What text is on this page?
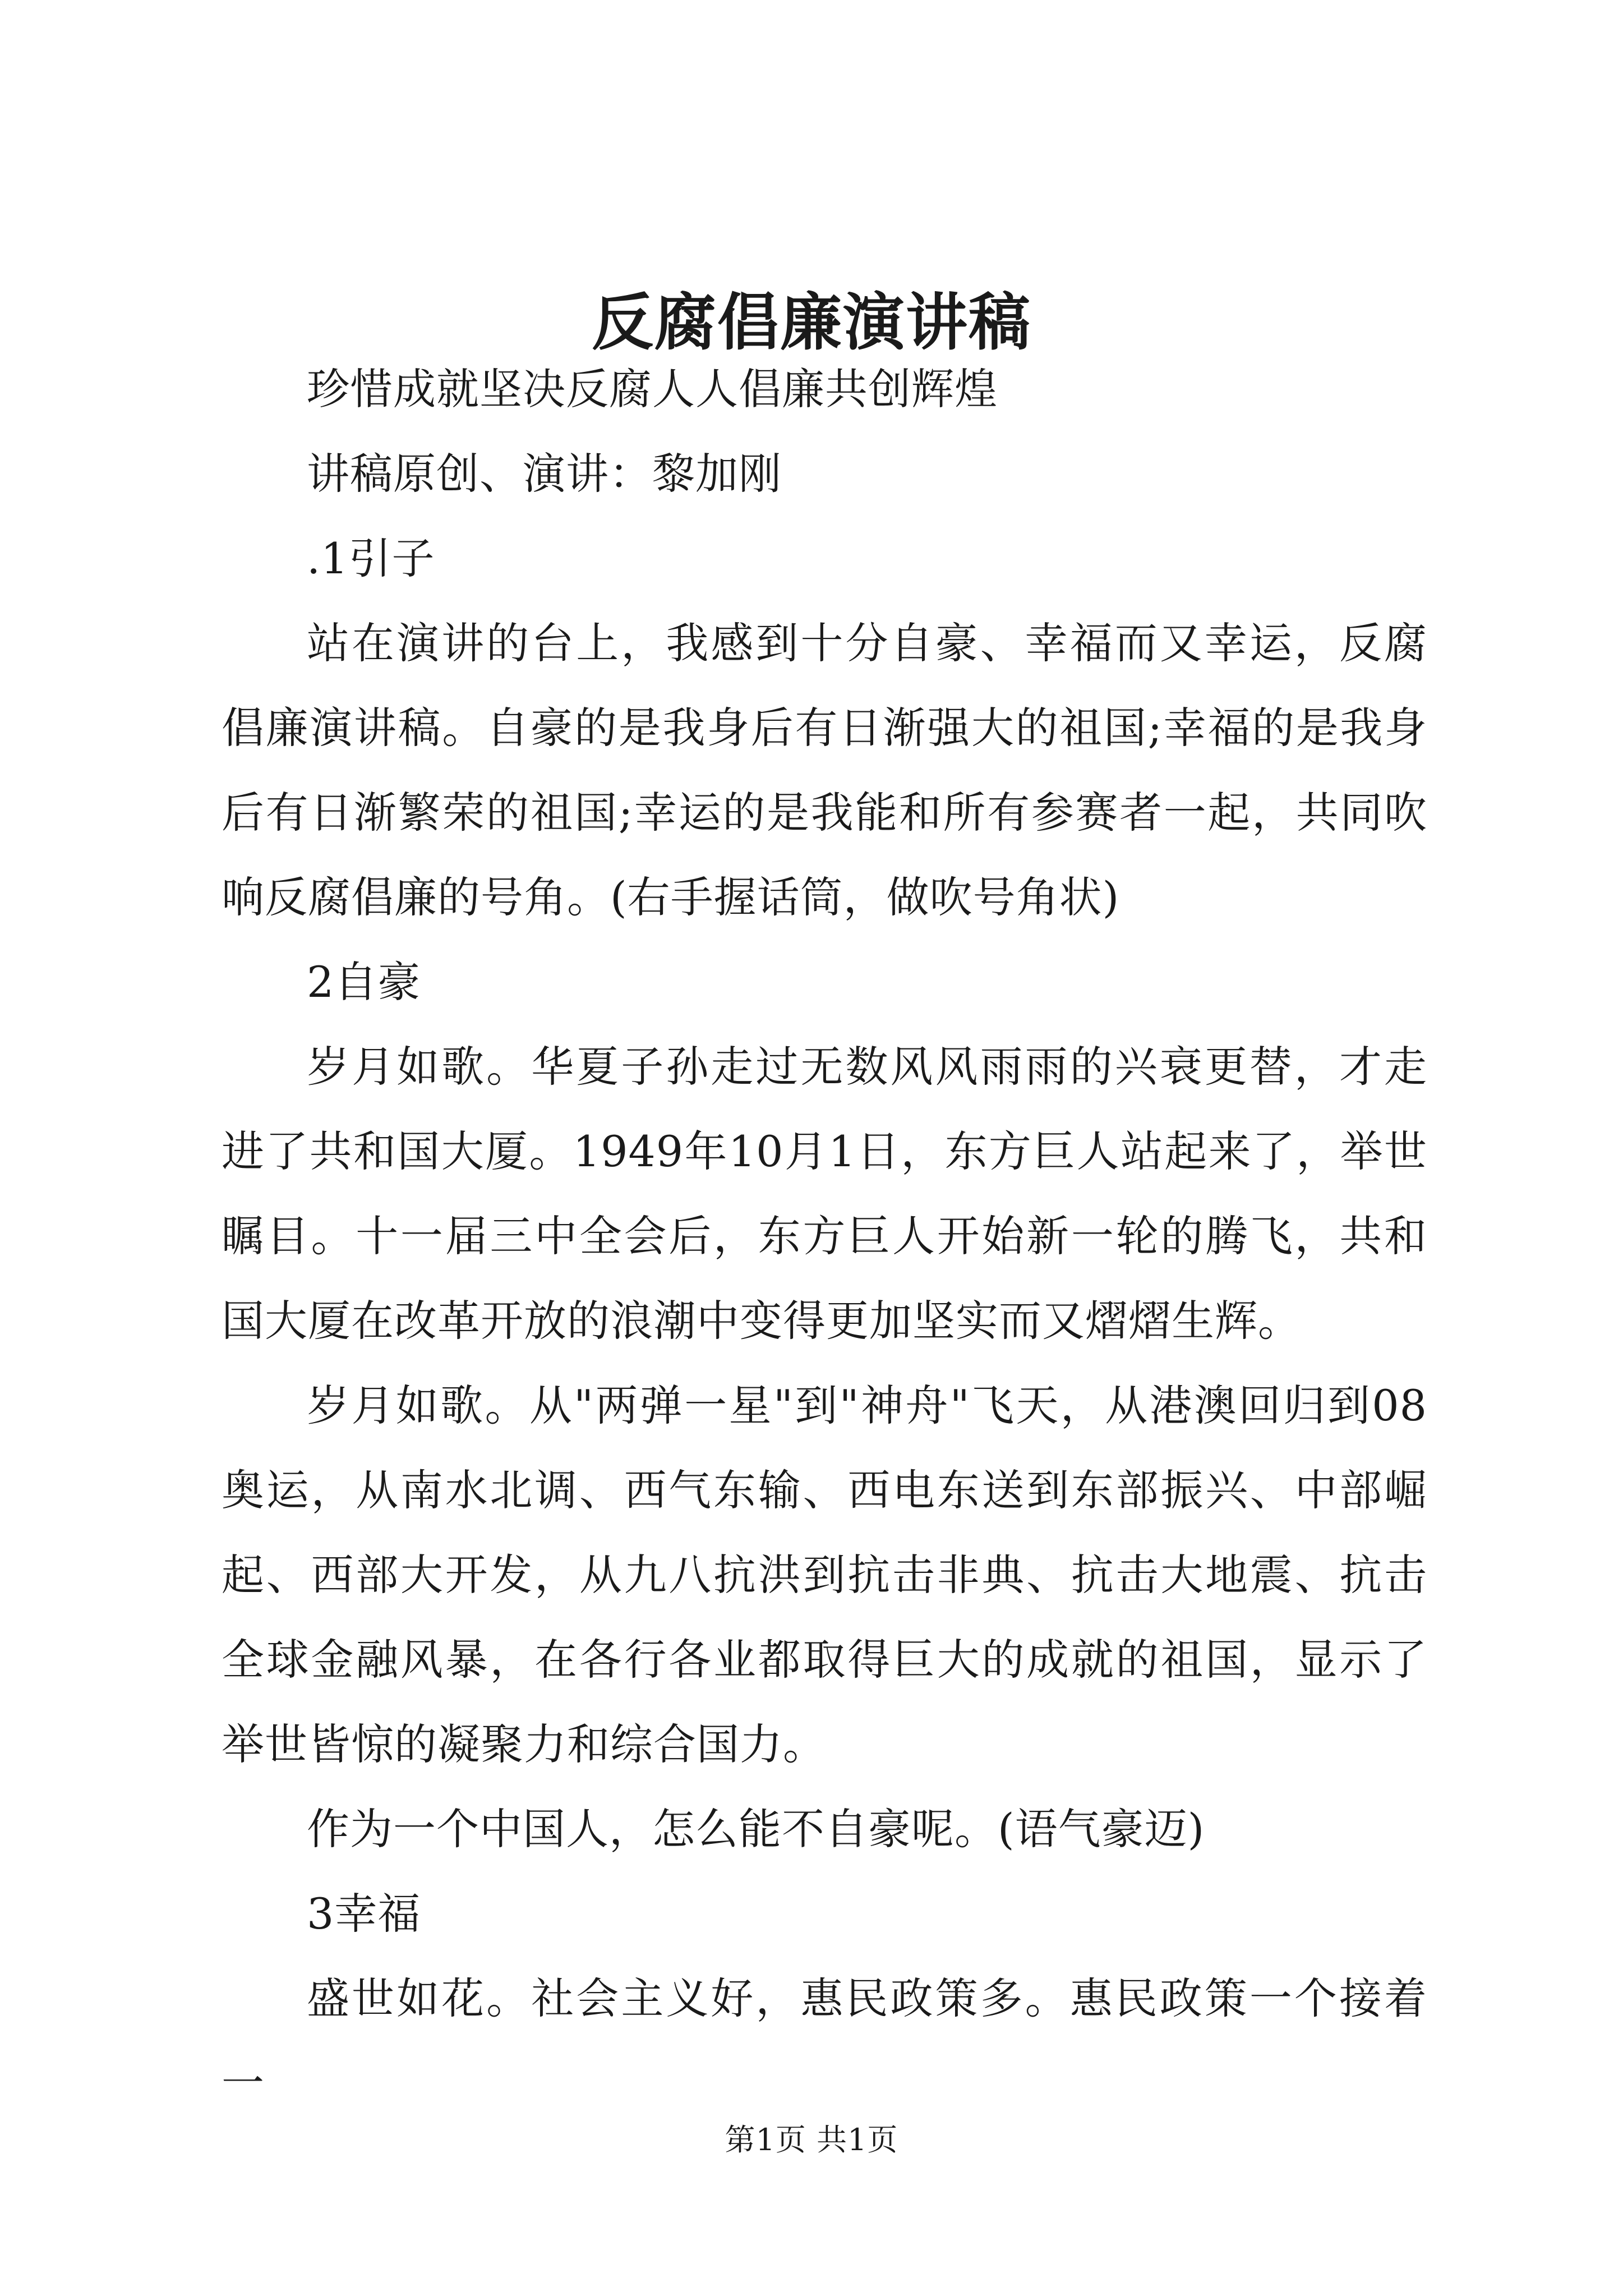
反腐倡廉演讲稿

珍惜成就坚决反腐人人倡廉共创辉煌

讲稿原创、演讲：黎加刚

.1引子

站在演讲的台上，我感到十分自豪、幸福而又幸运，反腐倡廉演讲稿。自豪的是我身后有日渐强大的祖国;幸福的是我身后有日渐繁荣的祖国;幸运的是我能和所有参赛者一起，共同吹响反腐倡廉的号角。(右手握话筒，做吹号角状)

2自豪

岁月如歌。华夏子孙走过无数风风雨雨的兴衰更替，才走进了共和国大厦。1949年10月1日，东方巨人站起来了，举世瞩目。十一届三中全会后，东方巨人开始新一轮的腾飞，共和国大厦在改革开放的浪潮中变得更加坚实而又熠熠生辉。

岁月如歌。从"两弹一星"到"神舟"飞天，从港澳回归到08奥运，从南水北调、西气东输、西电东送到东部振兴、中部崛起、西部大开发，从九八抗洪到抗击非典、抗击大地震、抗击全球金融风暴，在各行各业都取得巨大的成就的祖国，显示了举世皆惊的凝聚力和综合国力。

作为一个中国人，怎么能不自豪呢。(语气豪迈)

3幸福

盛世如花。社会主义好，惠民政策多。惠民政策一个接着一

第1页 共1页
